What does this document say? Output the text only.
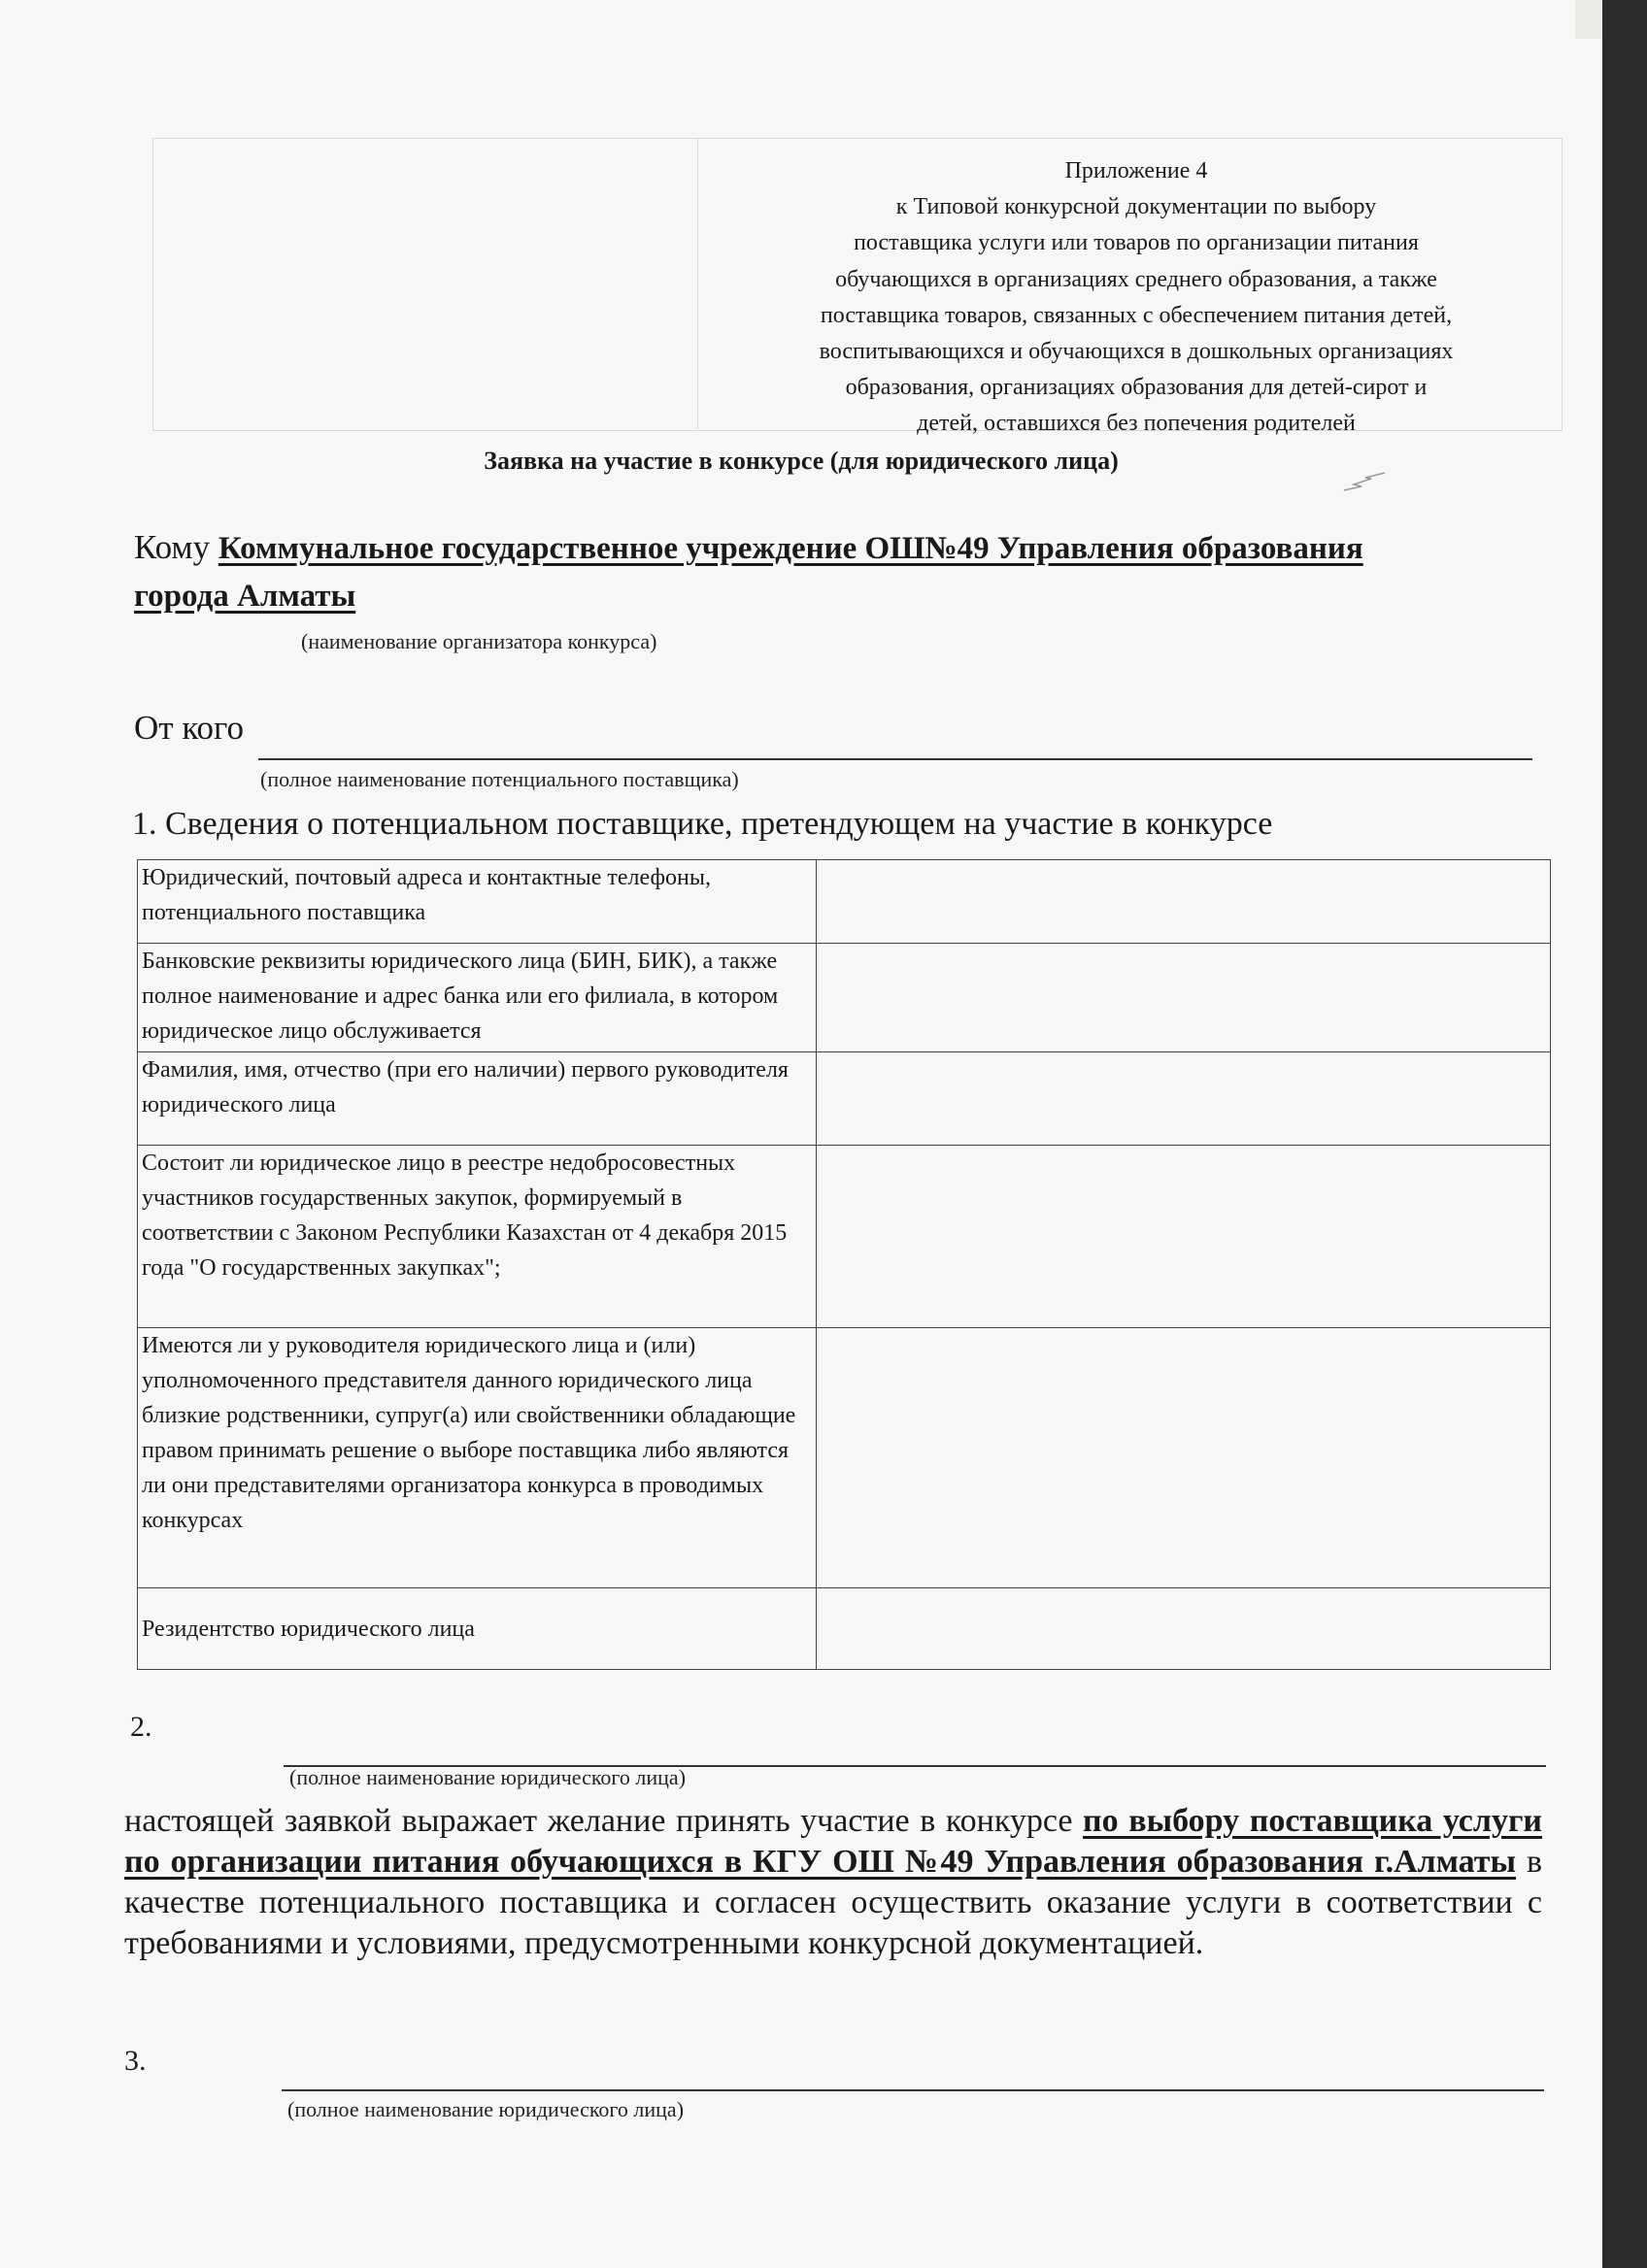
Приложение 4
к Типовой конкурсной документации по выбору
поставщика услуги или товаров по организации питания
обучающихся в организациях среднего образования, а также
поставщика товаров, связанных с обеспечением питания детей,
воспитывающихся и обучающихся в дошкольных организациях
образования, организациях образования для детей-сирот и
детей, оставшихся без попечения родителей
Заявка на участие в конкурсе (для юридического лица)
Кому Коммунальное государственное учреждение ОШ№49 Управления образования города Алматы
(наименование организатора конкурса)
От кого
(полное наименование потенциального поставщика)
1. Сведения о потенциальном поставщике, претендующем на участие в конкурсе
Юридический, почтовый адреса и контактные телефоны, потенциального поставщика	
Банковские реквизиты юридического лица (БИН, БИК), а также полное наименование и адрес банка или его филиала, в котором юридическое лицо обслуживается	
Фамилия, имя, отчество (при его наличии) первого руководителя юридического лица	
Состоит ли юридическое лицо в реестре недобросовестных участников государственных закупок, формируемый в соответствии с Законом Республики Казахстан от 4 декабря 2015 года "О государственных закупках";	
Имеются ли у руководителя юридического лица и (или) уполномоченного представителя данного юридического лица близкие родственники, супруг(а) или свойственники обладающие правом принимать решение о выборе поставщика либо являются ли они представителями организатора конкурса в проводимых конкурсах	
Резидентство юридического лица	
2.
(полное наименование юридического лица)
настоящей заявкой выражает желание принять участие в конкурсе по выбору поставщика услуги по организации питания обучающихся в КГУ ОШ №49 Управления образования г.Алматы в качестве потенциального поставщика и согласен осуществить оказание услуги в соответствии с требованиями и условиями, предусмотренными конкурсной документацией.
3.
(полное наименование юридического лица)
